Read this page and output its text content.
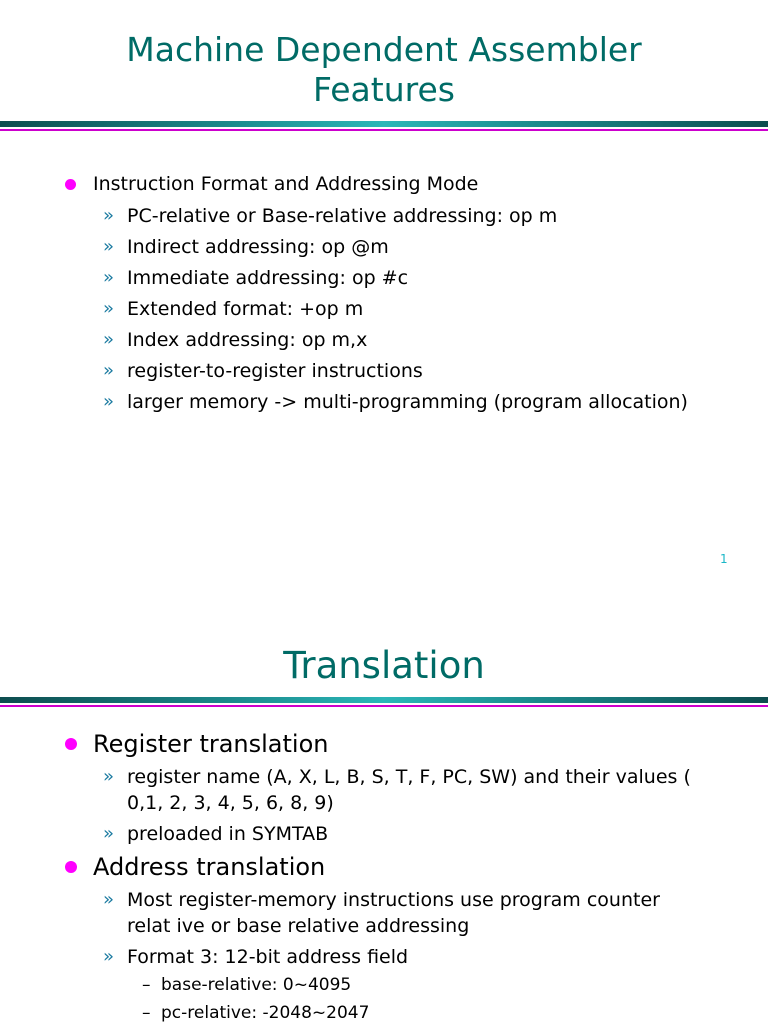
Machine Dependent Assembler
Features
Instruction Format and Addressing Mode
» PC-relative or Base-relative addressing: op m
» Indirect addressing: op @m
» Immediate addressing: op #c
» Extended format: +op m
» Index addressing: op m,x
» register-to-register instructions
» larger memory -> multi-programming (program allocation)
1
Translation
Register translation
» register name (A, X, L, B, S, T, F, PC, SW) and their values ( 0,1, 2, 3, 4, 5, 6, 8, 9)
» preloaded in SYMTAB
Address translation
» Most register-memory instructions use program counter relat ive or base relative addressing
» Format 3: 12-bit address field
– base-relative: 0~4095
– pc-relative: -2048~2047
